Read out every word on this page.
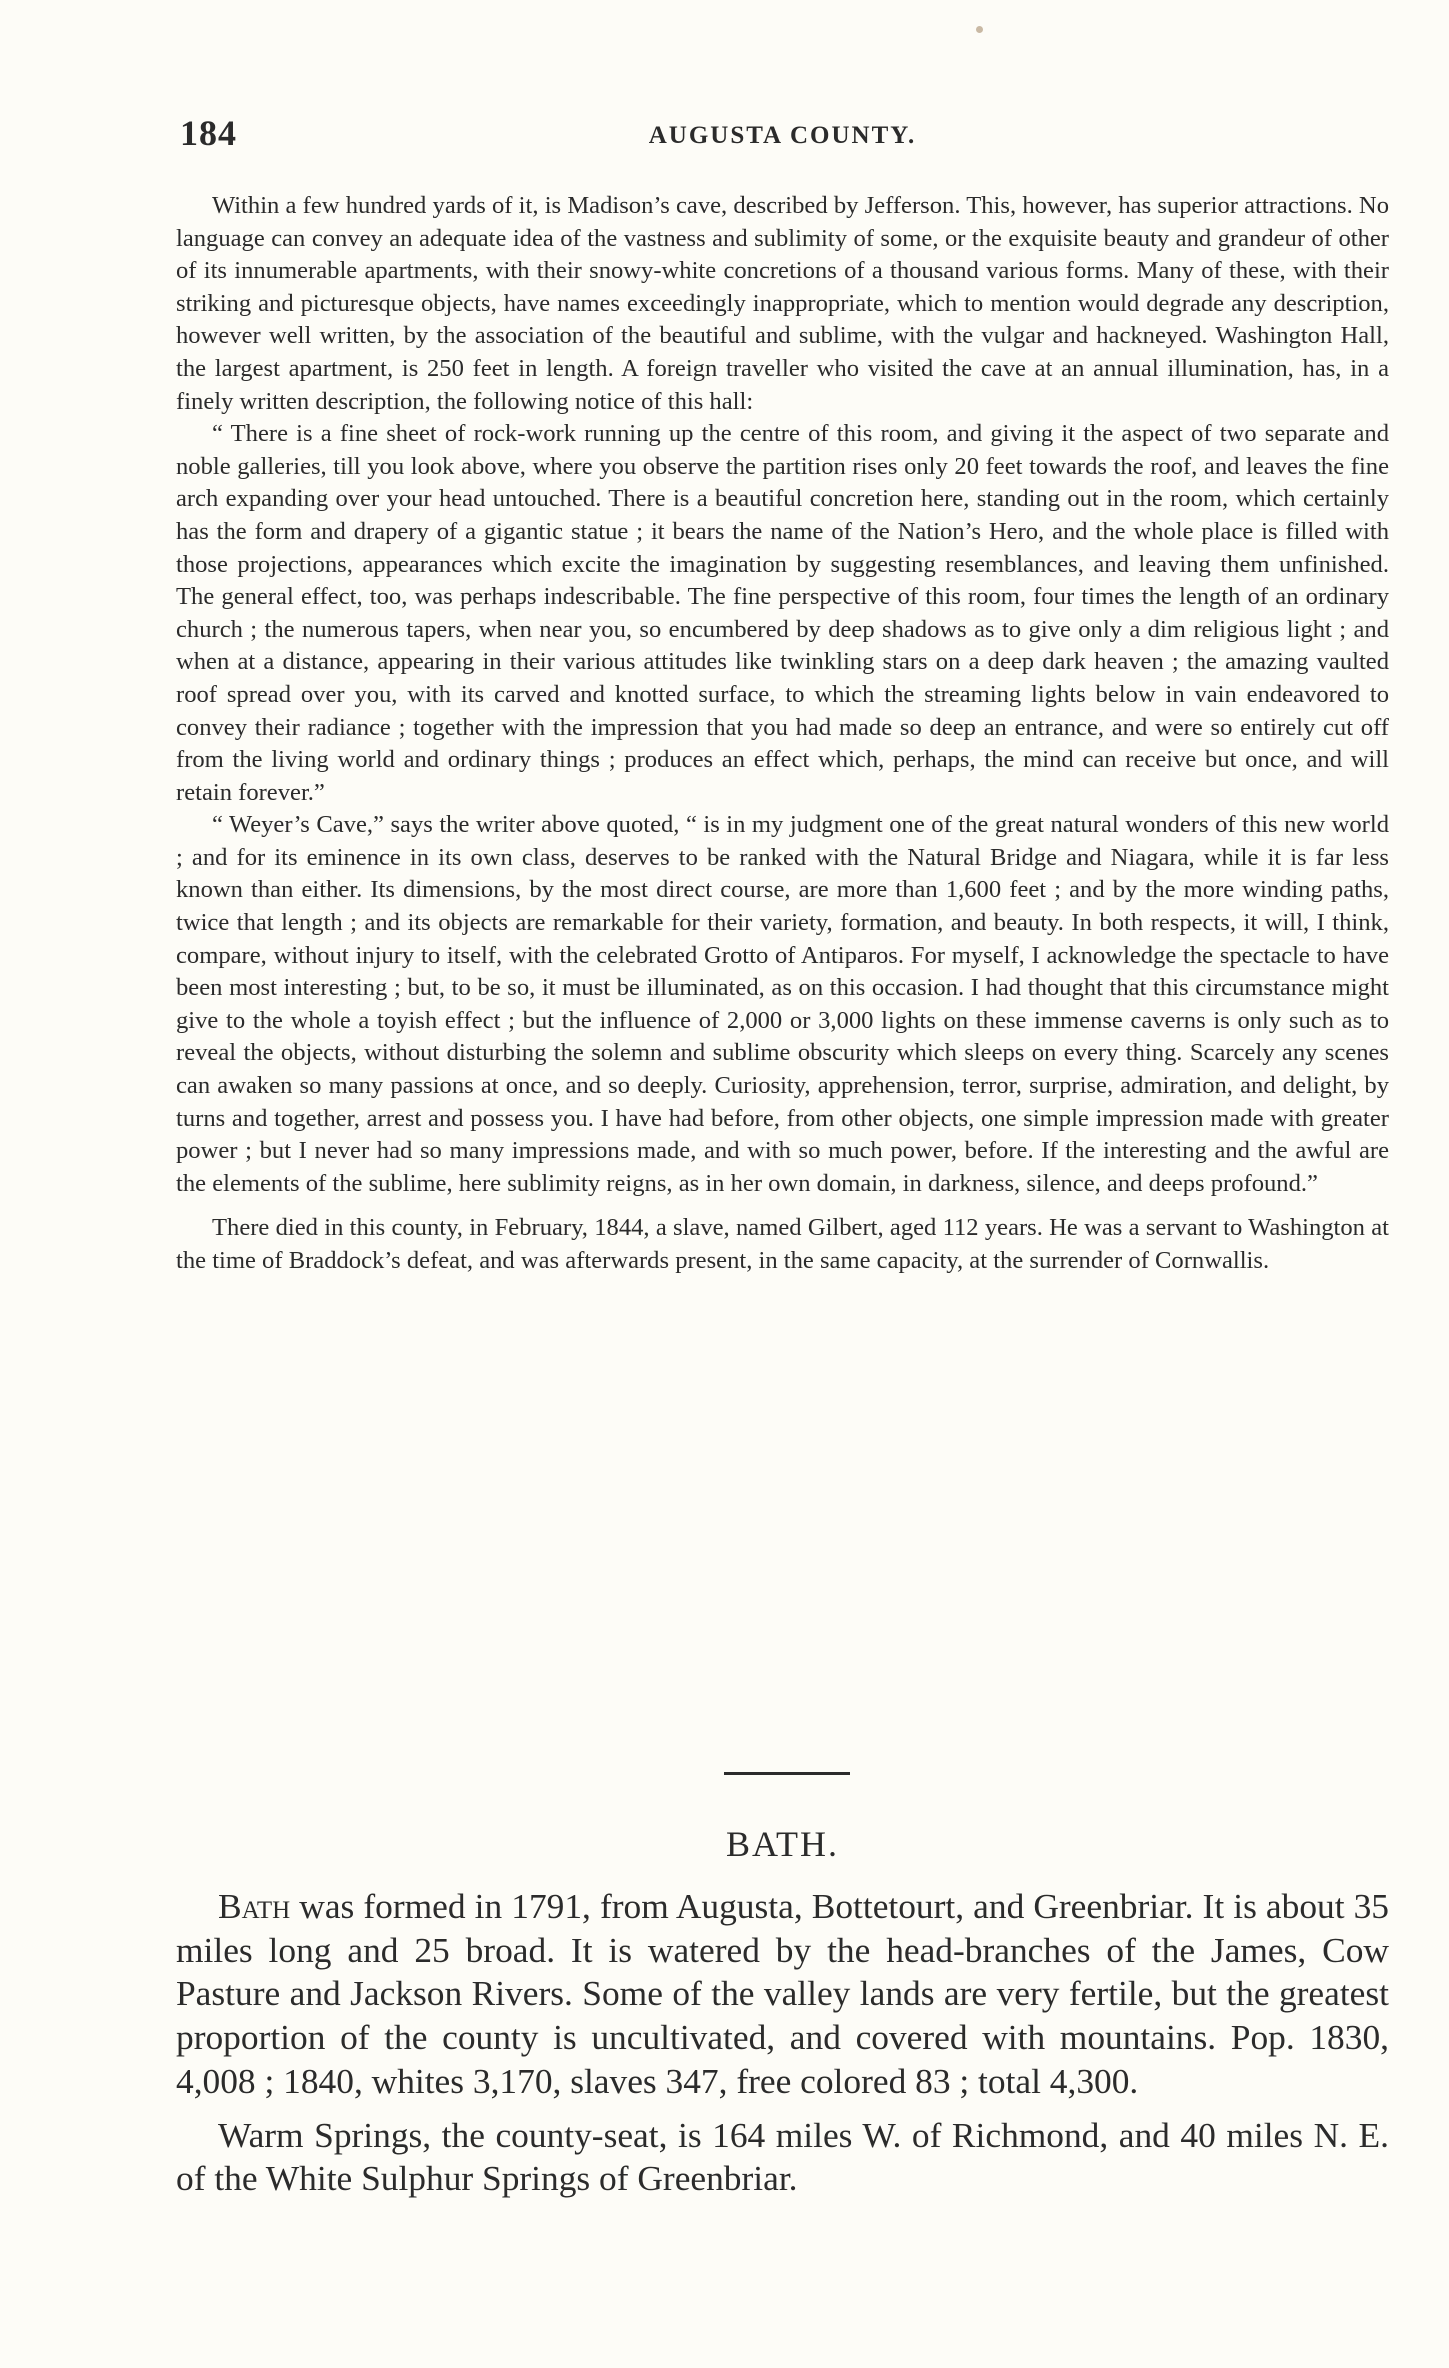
184	AUGUSTA COUNTY.

Within a few hundred yards of it, is Madison’s cave, described by Jefferson. This, however, has superior attractions. No language can convey an adequate idea of the vastness and sublimity of some, or the exquisite beauty and grandeur of other of its innumerable apartments, with their snowy-white concretions of a thousand various forms. Many of these, with their striking and picturesque objects, have names exceedingly inappropriate, which to mention would degrade any description, however well written, by the association of the beautiful and sublime, with the vulgar and hackneyed. Washington Hall, the largest apartment, is 250 feet in length. A foreign traveller who visited the cave at an annual illumination, has, in a finely written description, the following notice of this hall:

“ There is a fine sheet of rock-work running up the centre of this room, and giving it the aspect of two separate and noble galleries, till you look above, where you observe the partition rises only 20 feet towards the roof, and leaves the fine arch expanding over your head untouched. There is a beautiful concretion here, standing out in the room, which certainly has the form and drapery of a gigantic statue ; it bears the name of the Nation’s Hero, and the whole place is filled with those projections, appearances which excite the imagination by suggesting resemblances, and leaving them unfinished. The general effect, too, was perhaps indescribable. The fine perspective of this room, four times the length of an ordinary church ; the numerous tapers, when near you, so encumbered by deep shadows as to give only a dim religious light ; and when at a distance, appearing in their various attitudes like twinkling stars on a deep dark heaven ; the amazing vaulted roof spread over you, with its carved and knotted surface, to which the streaming lights below in vain endeavored to convey their radiance ; together with the impression that you had made so deep an entrance, and were so entirely cut off from the living world and ordinary things ; produces an effect which, perhaps, the mind can receive but once, and will retain forever.”

“ Weyer’s Cave,” says the writer above quoted, “ is in my judgment one of the great natural wonders of this new world ; and for its eminence in its own class, deserves to be ranked with the Natural Bridge and Niagara, while it is far less known than either. Its dimensions, by the most direct course, are more than 1,600 feet ; and by the more winding paths, twice that length ; and its objects are remarkable for their variety, formation, and beauty. In both respects, it will, I think, compare, without injury to itself, with the celebrated Grotto of Antiparos. For myself, I acknowledge the spectacle to have been most interesting ; but, to be so, it must be illuminated, as on this occasion. I had thought that this circumstance might give to the whole a toyish effect ; but the influence of 2,000 or 3,000 lights on these immense caverns is only such as to reveal the objects, without disturbing the solemn and sublime obscurity which sleeps on every thing. Scarcely any scenes can awaken so many passions at once, and so deeply. Curiosity, apprehension, terror, surprise, admiration, and delight, by turns and together, arrest and possess you. I have had before, from other objects, one simple impression made with greater power ; but I never had so many impressions made, and with so much power, before. If the interesting and the awful are the elements of the sublime, here sublimity reigns, as in her own domain, in darkness, silence, and deeps profound.”

There died in this county, in February, 1844, a slave, named Gilbert, aged 112 years. He was a servant to Washington at the time of Braddock’s defeat, and was afterwards present, in the same capacity, at the surrender of Cornwallis.

BATH.

Bath was formed in 1791, from Augusta, Bottetourt, and Greenbriar. It is about 35 miles long and 25 broad. It is watered by the head-branches of the James, Cow Pasture and Jackson Rivers. Some of the valley lands are very fertile, but the greatest proportion of the county is uncultivated, and covered with mountains. Pop. 1830, 4,008 ; 1840, whites 3,170, slaves 347, free colored 83 ; total 4,300.

Warm Springs, the county-seat, is 164 miles W. of Richmond, and 40 miles N. E. of the White Sulphur Springs of Greenbriar.
